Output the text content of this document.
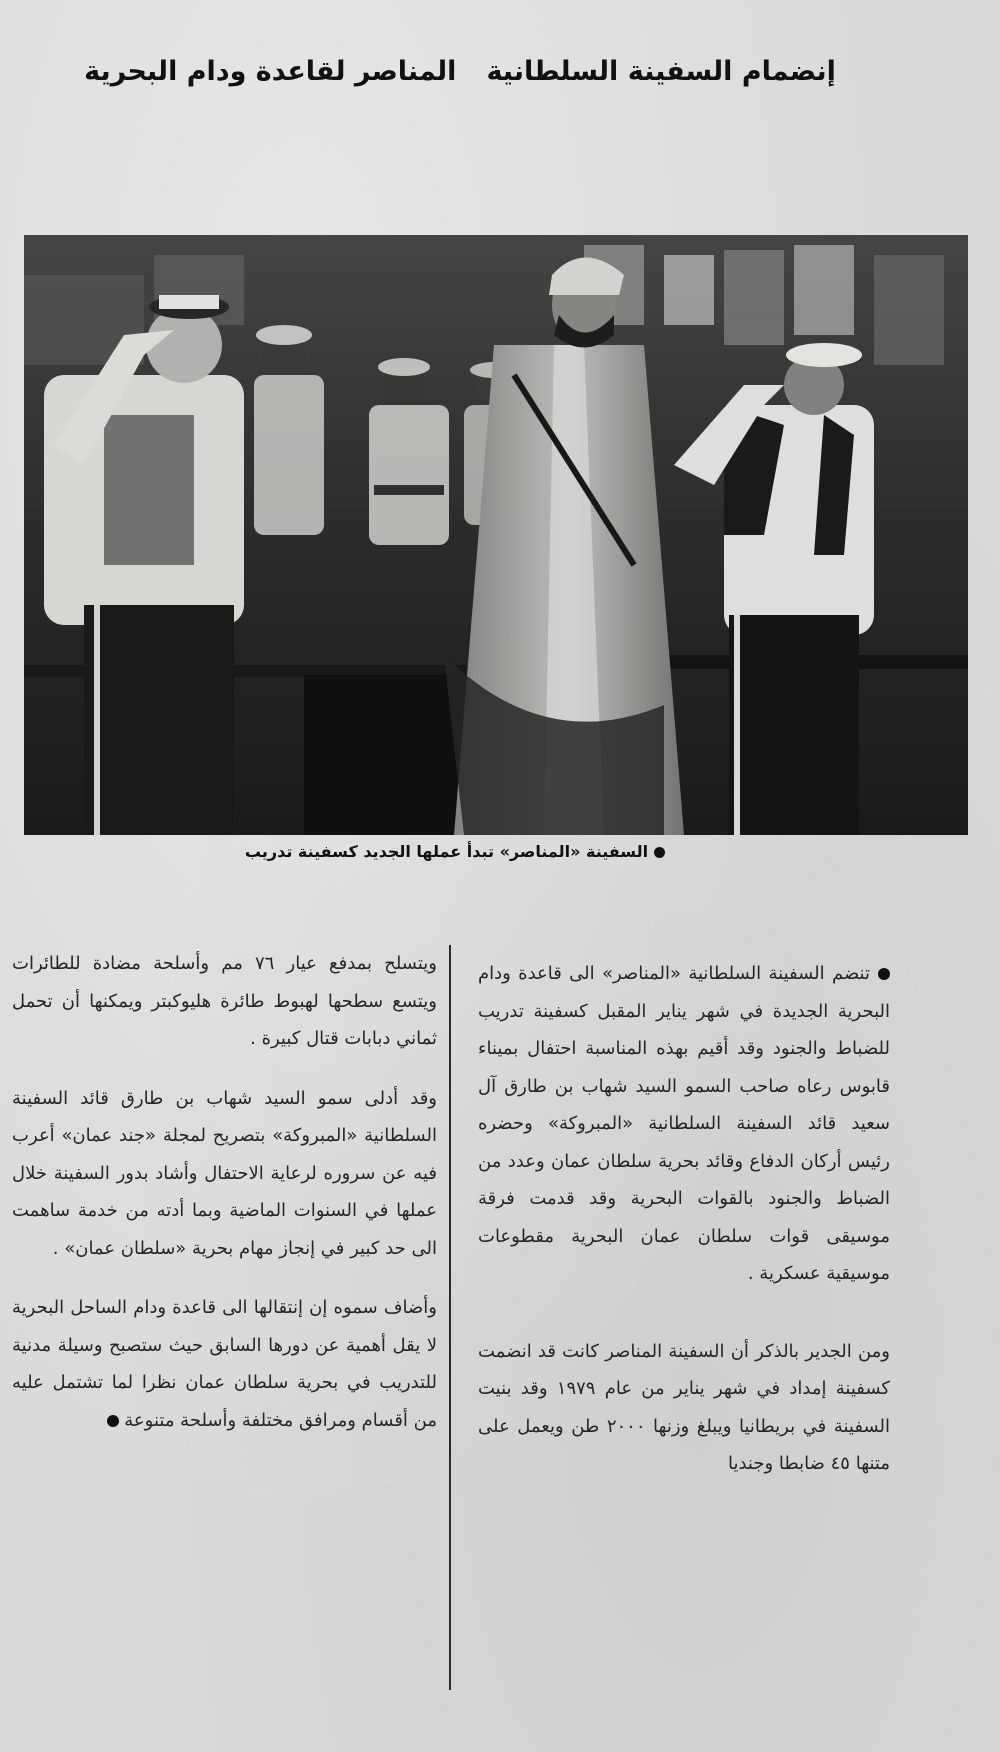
إنضمام السفينة السلطانيةالمناصر لقاعدة ودام البحرية
السفينة «المناصر» تبدأ عملها الجديد كسفينة تدريب

تنضم السفينة السلطانية «المناصر» الى قاعدة ودام البحرية الجديدة في شهر يناير المقبل كسفينة تدريب للضباط والجنود وقد أقيم بهذه المناسبة احتفال بميناء قابوس رعاه صاحب السمو السيد شهاب بن طارق آل سعيد قائد السفينة السلطانية «المبروكة» وحضره رئيس أركان الدفاع وقائد بحرية سلطان عمان وعدد من الضباط والجنود بالقوات البحرية وقد قدمت فرقة موسيقى قوات سلطان عمان البحرية مقطوعات موسيقية عسكرية .

ومن الجدير بالذكر أن السفينة المناصر كانت قد انضمت كسفينة إمداد في شهر يناير من عام ١٩٧٩ وقد بنيت السفينة في بريطانيا ويبلغ وزنها ٢٠٠٠ طن ويعمل على متنها ٤٥ ضابطا وجنديا

ويتسلح بمدفع عيار ٧٦ مم وأسلحة مضادة للطائرات ويتسع سطحها لهبوط طائرة هليوكبتر ويمكنها أن تحمل ثماني دبابات قتال كبيرة .

وقد أدلى سمو السيد شهاب بن طارق قائد السفينة السلطانية «المبروكة» بتصريح لمجلة «جند عمان» أعرب فيه عن سروره لرعاية الاحتفال وأشاد بدور السفينة خلال عملها في السنوات الماضية وبما أدته من خدمة ساهمت الى حد كبير في إنجاز مهام بحرية «سلطان عمان» .

وأضاف سموه إن إنتقالها الى قاعدة ودام الساحل البحرية لا يقل أهمية عن دورها السابق حيث ستصبح وسيلة مدنية للتدريب في بحرية سلطان عمان نظرا لما تشتمل عليه من أقسام ومرافق مختلفة وأسلحة متنوعة
